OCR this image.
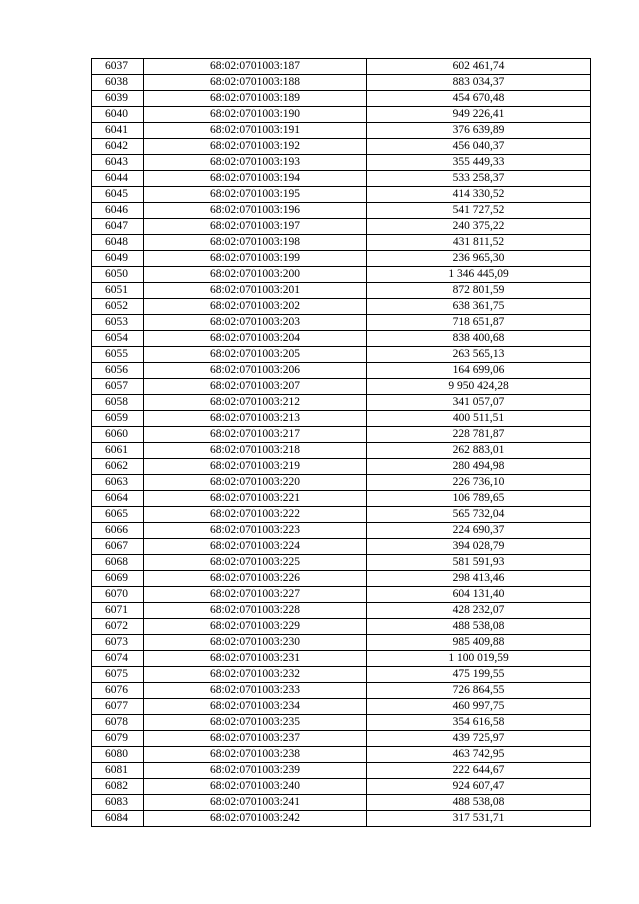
6037	68:02:0701003:187	602 461,74
6038	68:02:0701003:188	883 034,37
6039	68:02:0701003:189	454 670,48
6040	68:02:0701003:190	949 226,41
6041	68:02:0701003:191	376 639,89
6042	68:02:0701003:192	456 040,37
6043	68:02:0701003:193	355 449,33
6044	68:02:0701003:194	533 258,37
6045	68:02:0701003:195	414 330,52
6046	68:02:0701003:196	541 727,52
6047	68:02:0701003:197	240 375,22
6048	68:02:0701003:198	431 811,52
6049	68:02:0701003:199	236 965,30
6050	68:02:0701003:200	1 346 445,09
6051	68:02:0701003:201	872 801,59
6052	68:02:0701003:202	638 361,75
6053	68:02:0701003:203	718 651,87
6054	68:02:0701003:204	838 400,68
6055	68:02:0701003:205	263 565,13
6056	68:02:0701003:206	164 699,06
6057	68:02:0701003:207	9 950 424,28
6058	68:02:0701003:212	341 057,07
6059	68:02:0701003:213	400 511,51
6060	68:02:0701003:217	228 781,87
6061	68:02:0701003:218	262 883,01
6062	68:02:0701003:219	280 494,98
6063	68:02:0701003:220	226 736,10
6064	68:02:0701003:221	106 789,65
6065	68:02:0701003:222	565 732,04
6066	68:02:0701003:223	224 690,37
6067	68:02:0701003:224	394 028,79
6068	68:02:0701003:225	581 591,93
6069	68:02:0701003:226	298 413,46
6070	68:02:0701003:227	604 131,40
6071	68:02:0701003:228	428 232,07
6072	68:02:0701003:229	488 538,08
6073	68:02:0701003:230	985 409,88
6074	68:02:0701003:231	1 100 019,59
6075	68:02:0701003:232	475 199,55
6076	68:02:0701003:233	726 864,55
6077	68:02:0701003:234	460 997,75
6078	68:02:0701003:235	354 616,58
6079	68:02:0701003:237	439 725,97
6080	68:02:0701003:238	463 742,95
6081	68:02:0701003:239	222 644,67
6082	68:02:0701003:240	924 607,47
6083	68:02:0701003:241	488 538,08
6084	68:02:0701003:242	317 531,71
